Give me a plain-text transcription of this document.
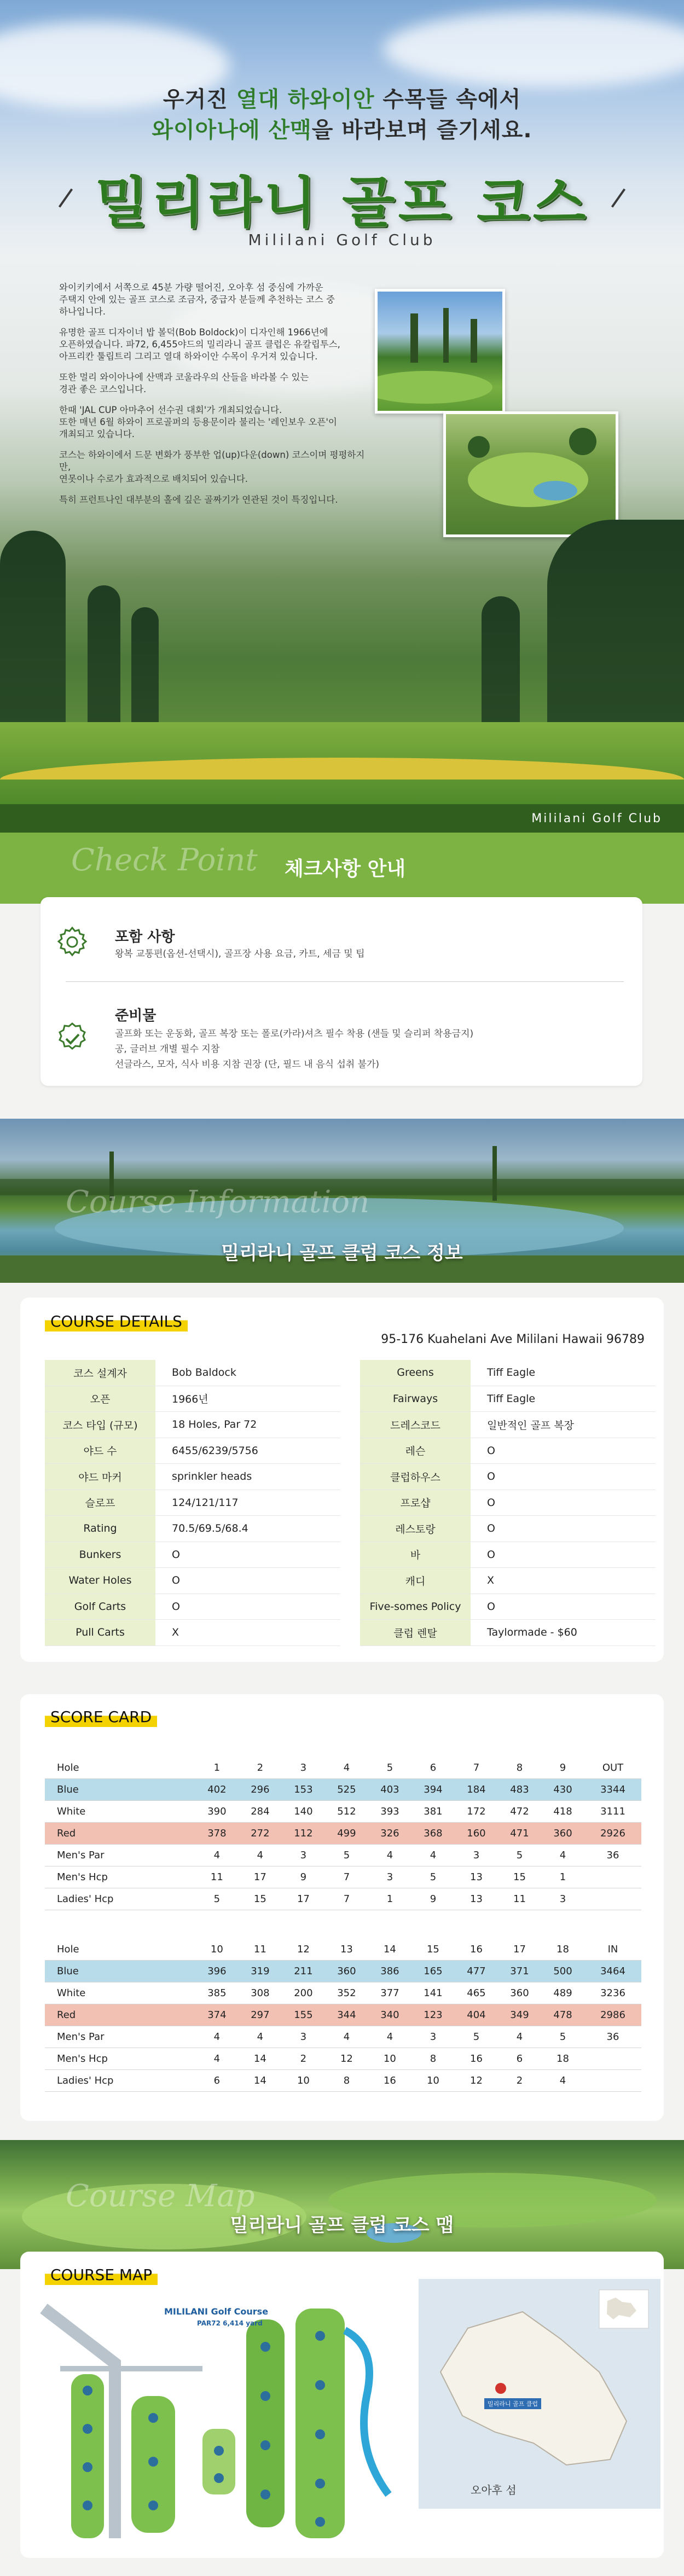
우거진 열대 하와이안 수목들 속에서
와이아나에 산맥을 바라보며 즐기세요.
밀리라니 골프 코스
Mililani Golf Club

와이키키에서 서쪽으로 45분 가량 떨어진, 오아후 섬 중심에 가까운
주택지 안에 있는 골프 코스로 조금자, 중급자 분들께 추천하는 코스 중
하나입니다.

유명한 골프 디자이너 밥 볼덕(Bob Boldock)이 디자인해 1966년에
오픈하였습니다. 파72, 6,455야드의 밀리라니 골프 클럽은 유칼립투스,
아프리칸 툴립트리 그리고 열대 하와이안 수목이 우거져 있습니다.

또한 멀리 와이아나에 산맥과 코울라우의 산들을 바라볼 수 있는
경관 좋은 코스입니다.

한때 'JAL CUP 아마추어 선수권 대회'가 개최되었습니다.
또한 매년 6월 하와이 프로골퍼의 등용문이라 불리는 '레인보우 오픈'이
개최되고 있습니다.

코스는 하와이에서 드문 변화가 풍부한 업(up)다운(down) 코스이며 평평하지만,
연못이나 수로가 효과적으로 배치되어 있습니다.

특히 프런트나인 대부분의 홀에 깊은 골짜기가 연관된 것이 특징입니다.

Mililani Golf Club
Check Point 체크사항 안내
포함 사항
왕복 교통편(옵션-선택시), 골프장 사용 요금, 카트, 세금 및 팁
준비물
골프화 또는 운동화, 골프 복장 또는 폴로(카라)셔츠 필수 착용 (샌들 및 슬리퍼 착용금지)
공, 글러브 개별 필수 지참
선글라스, 모자, 식사 비용 지참 권장 (단, 필드 내 음식 섭취 불가)
Course Information
밀리라니 골프 클럽 코스 정보
COURSE DETAILS
95-176 Kuahelani Ave Mililani Hawaii 96789
코스 설계자	Bob Baldock
오픈	1966년
코스 타입 (규모)	18 Holes, Par 72
야드 수	6455/6239/5756
야드 마커	sprinkler heads
슬로프	124/121/117
Rating	70.5/69.5/68.4
Bunkers	O
Water Holes	O
Golf Carts	O
Pull Carts	X
Greens	Tiff Eagle
Fairways	Tiff Eagle
드레스코드	일반적인 골프 복장
레슨	O
클럽하우스	O
프로샵	O
레스토랑	O
바	O
캐디	X
Five-somes Policy	O
클럽 렌탈	Taylormade - $60
SCORE CARD
Hole	1	2	3	4	5	6	7	8	9	OUT
Blue	402	296	153	525	403	394	184	483	430	3344
White	390	284	140	512	393	381	172	472	418	3111
Red	378	272	112	499	326	368	160	471	360	2926
Men's Par	4	4	3	5	4	4	3	5	4	36
Men's Hcp	11	17	9	7	3	5	13	15	1	
Ladies' Hcp	5	15	17	7	1	9	13	11	3	
Hole	10	11	12	13	14	15	16	17	18	IN
Blue	396	319	211	360	386	165	477	371	500	3464
White	385	308	200	352	377	141	465	360	489	3236
Red	374	297	155	344	340	123	404	349	478	2986
Men's Par	4	4	3	4	4	3	5	4	5	36
Men's Hcp	4	14	2	12	10	8	16	6	18	
Ladies' Hcp	6	14	10	8	16	10	12	2	4	
Course Map
밀리라니 골프 클럽 코스 맵
COURSE MAP
MILILANI Golf Course
PAR72 6,414 yard
밀리라니 골프 클럽
오아후 섬
